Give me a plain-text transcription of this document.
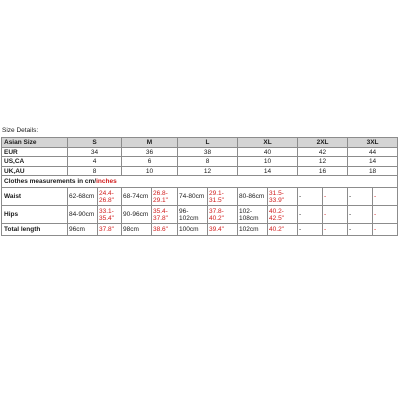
Size Details:
Asian Size	S		M		L		XL		2XL		3XL	
EUR	34		36		38		40		42		44	
US,CA	4		6		8		10		12		14	
UK,AU	8		10		12		14		16		18	
Clothes measurements in cm/inches												
Waist	62-68cm	24.4-26.8"	68-74cm	26.8-29.1"	74-80cm	29.1-31.5"	80-86cm	31.5-33.9"	-	-	-	-
Hips	84-90cm	33.1-35.4"	90-96cm	35.4-37.8"	96-102cm	37.8-40.2"	102-108cm	40.2-42.5"	-	-	-	-
Total length	96cm	37.8"	98cm	38.6"	100cm	39.4"	102cm	40.2"	-	-	-	-
